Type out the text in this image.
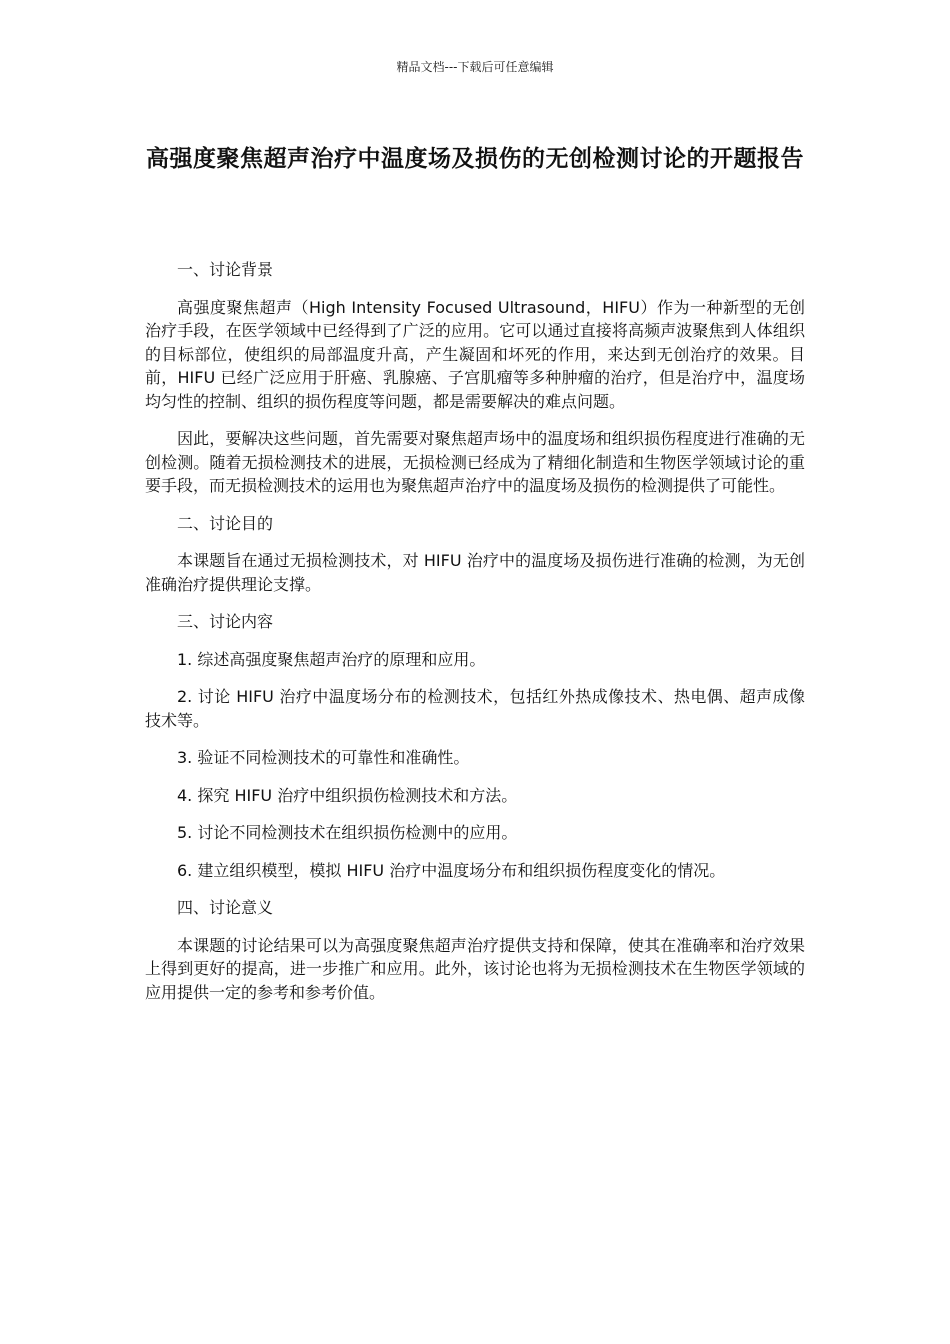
精品文档---下载后可任意编辑
高强度聚焦超声治疗中温度场及损伤的无创检测讨论的开题报告

一、讨论背景

高强度聚焦超声（High Intensity Focused Ultrasound，HIFU）作为一种新型的无创治疗手段，在医学领域中已经得到了广泛的应用。它可以通过直接将高频声波聚焦到人体组织的目标部位，使组织的局部温度升高，产生凝固和坏死的作用，来达到无创治疗的效果。目前，HIFU 已经广泛应用于肝癌、乳腺癌、子宫肌瘤等多种肿瘤的治疗，但是治疗中，温度场均匀性的控制、组织的损伤程度等问题，都是需要解决的难点问题。

因此，要解决这些问题，首先需要对聚焦超声场中的温度场和组织损伤程度进行准确的无创检测。随着无损检测技术的进展，无损检测已经成为了精细化制造和生物医学领域讨论的重要手段，而无损检测技术的运用也为聚焦超声治疗中的温度场及损伤的检测提供了可能性。

二、讨论目的

本课题旨在通过无损检测技术，对 HIFU 治疗中的温度场及损伤进行准确的检测，为无创准确治疗提供理论支撑。

三、讨论内容

1. 综述高强度聚焦超声治疗的原理和应用。

2. 讨论 HIFU 治疗中温度场分布的检测技术，包括红外热成像技术、热电偶、超声成像技术等。

3. 验证不同检测技术的可靠性和准确性。

4. 探究 HIFU 治疗中组织损伤检测技术和方法。

5. 讨论不同检测技术在组织损伤检测中的应用。

6. 建立组织模型，模拟 HIFU 治疗中温度场分布和组织损伤程度变化的情况。

四、讨论意义

本课题的讨论结果可以为高强度聚焦超声治疗提供支持和保障，使其在准确率和治疗效果上得到更好的提高，进一步推广和应用。此外，该讨论也将为无损检测技术在生物医学领域的应用提供一定的参考和参考价值。
